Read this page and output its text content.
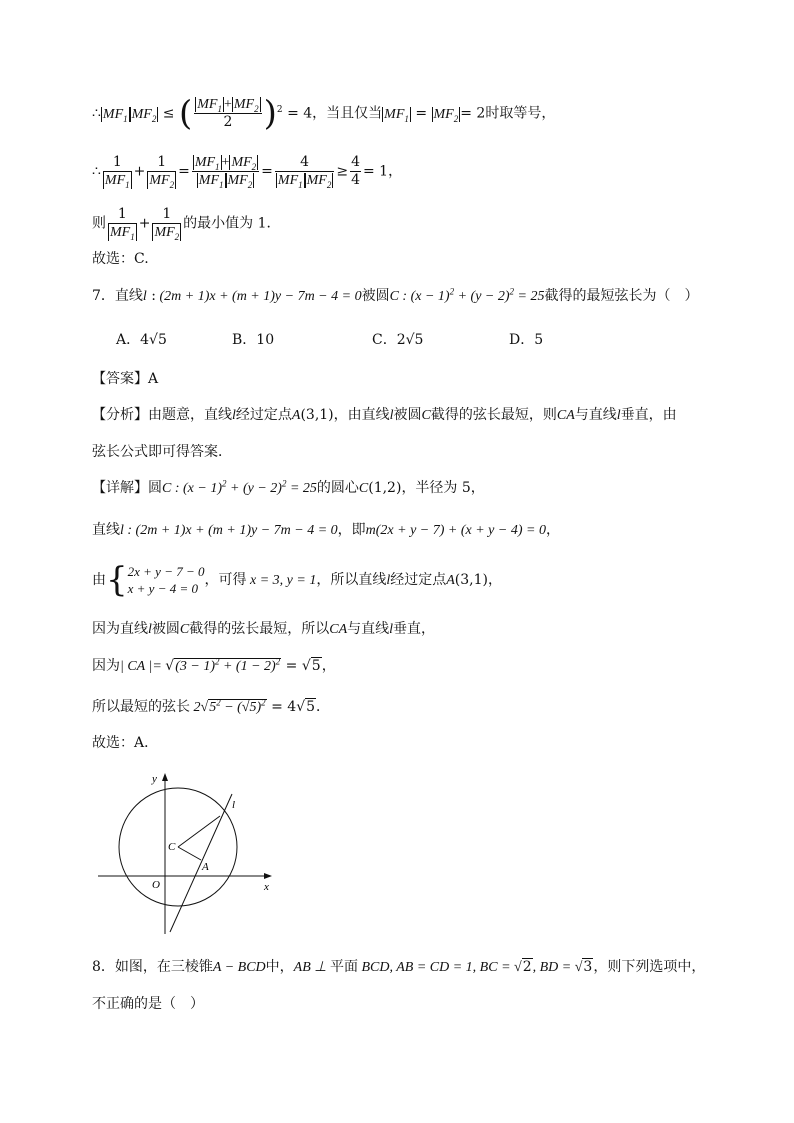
∴ $MF_1$ $MF_2$ ≤ ( $\frac{MF_1 + MF_2}{2} )^2 = 4$，当且仅当 $MF_1 = MF_2 = 2$时取等号，
∴ $\frac{1}{MF_1} + \frac{1}{MF_2} = \frac{MF_1 + MF_2}{MF_1 MF_2} = \frac{4}{MF_1 MF_2} \ge \frac{4}{4} = 1$，
则 $\frac{1}{MF_1} + \frac{1}{MF_2}$ 的最小值为 1．
故选：C.
7．直线l : (2m + 1)x + (m + 1)y − 7m − 4 = 0被圆C : $(x - 1)^2 + (y - 2)^2 = 25$截得的最短弦长为（　）
A．4√5	B．10	C．2√5	D．5
【答案】A
【分析】由题意，直线l经过定点A(3,1)，由直线l被圆C截得的弦长最短，则CA与直线l垂直，由
弦长公式即可得答案．
【详解】圆C : $(x - 1)^2 + (y - 2)^2 = 25$的圆心C(1,2)，半径为 5，
直线l : (2m + 1)x + (m + 1)y − 7m − 4 = 0，即m(2x + y − 7) + (x + y − 4) = 0，
由{2x + y − 7 − 0
x + y − 4 = 0，可得 x = 3, y = 1，所以直线l经过定点A(3,1)，
因为直线l被圆C截得的弦长最短，所以CA与直线l垂直，
因为| CA |= $√(3 - 1)^2 + (1 - 2)^2 = √5$，
所以最短的弦长 $2√5^2 - (√5)^2 = 4√5$．
故选：A．
y
x
O
C
A
l
8．如图，在三棱锥A − BCD中，AB ⊥ 平面 BCD, AB = CD = 1, BC = √2, BD = √3，则下列选项中，
不正确的是（　）
